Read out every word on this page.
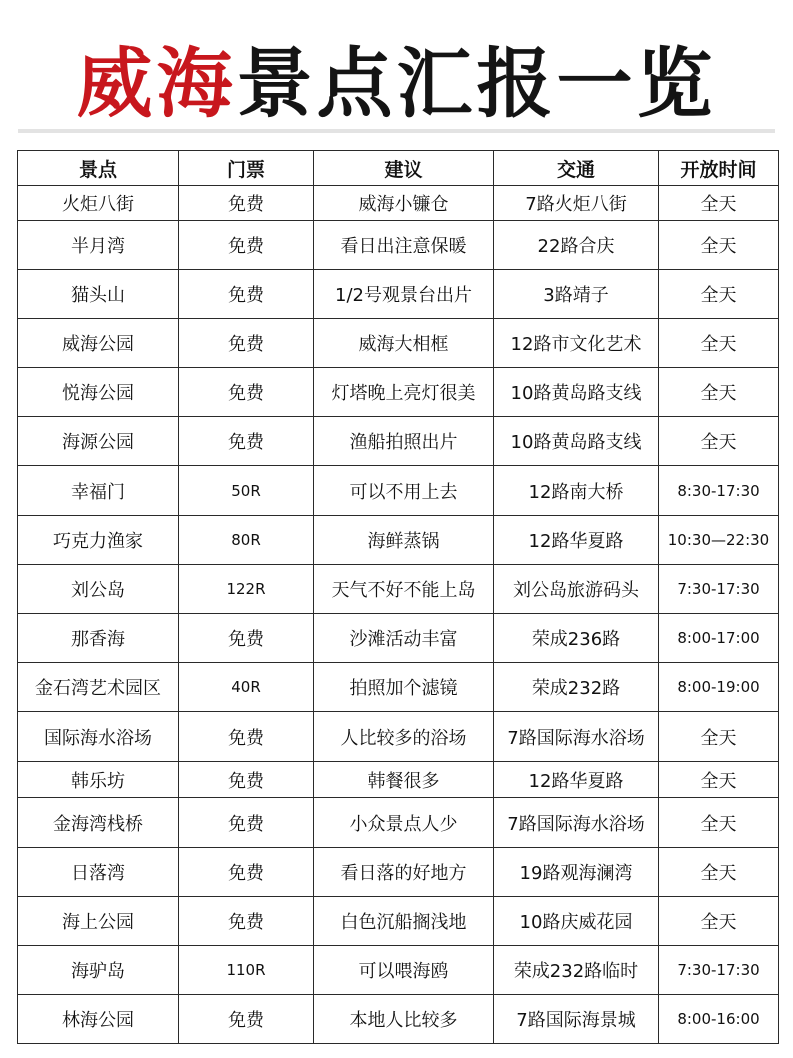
威海景点汇报一览
景点	门票	建议	交通	开放时间
火炬八街	免费	威海小镰仓	7路火炬八街	全天
半月湾	免费	看日出注意保暖	22路合庆	全天
猫头山	免费	1/2号观景台出片	3路靖子	全天
威海公园	免费	威海大相框	12路市文化艺术	全天
悦海公园	免费	灯塔晚上亮灯很美	10路黄岛路支线	全天
海源公园	免费	渔船拍照出片	10路黄岛路支线	全天
幸福门	50R	可以不用上去	12路南大桥	8:30-17:30
巧克力渔家	80R	海鲜蒸锅	12路华夏路	10:30—22:30
刘公岛	122R	天气不好不能上岛	刘公岛旅游码头	7:30-17:30
那香海	免费	沙滩活动丰富	荣成236路	8:00-17:00
金石湾艺术园区	40R	拍照加个滤镜	荣成232路	8:00-19:00
国际海水浴场	免费	人比较多的浴场	7路国际海水浴场	全天
韩乐坊	免费	韩餐很多	12路华夏路	全天
金海湾栈桥	免费	小众景点人少	7路国际海水浴场	全天
日落湾	免费	看日落的好地方	19路观海澜湾	全天
海上公园	免费	白色沉船搁浅地	10路庆威花园	全天
海驴岛	110R	可以喂海鸥	荣成232路临时	7:30-17:30
林海公园	免费	本地人比较多	7路国际海景城	8:00-16:00
